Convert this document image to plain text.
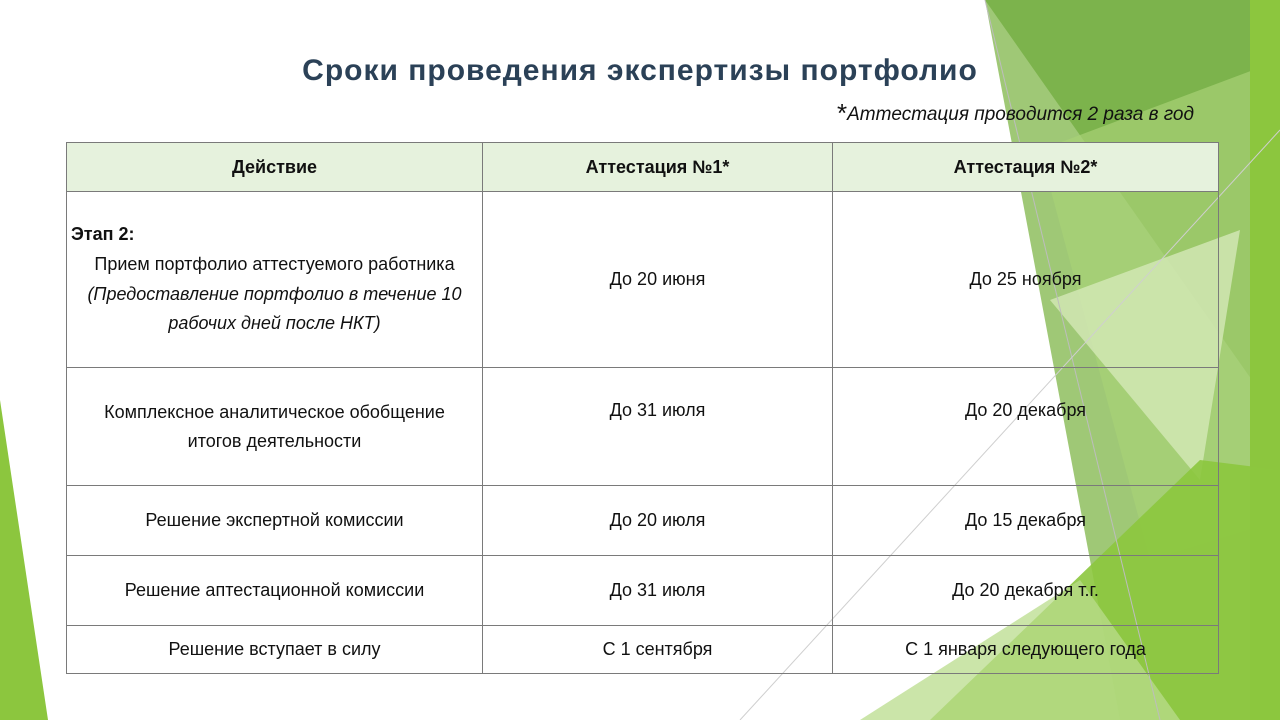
Сроки проведения экспертизы портфолио
*Аттестация проводится 2 раза в год
Действие	Аттестация №1*	Аттестация №2*

Этап 2:
Прием портфолио аттестуемого работника
(Предоставление портфолио в течение 10 рабочих дней после НКТ)	До 20 июня	До 25 ноября
Комплексное аналитическое обобщение итогов деятельности	До 31 июля	До 20 декабря
Решение экспертной комиссии	До 20 июля	До 15 декабря
Решение аптестационной комиссии	До 31 июля	До 20 декабря т.г.
Решение вступает в силу	С 1 сентября	С 1 января следующего года
